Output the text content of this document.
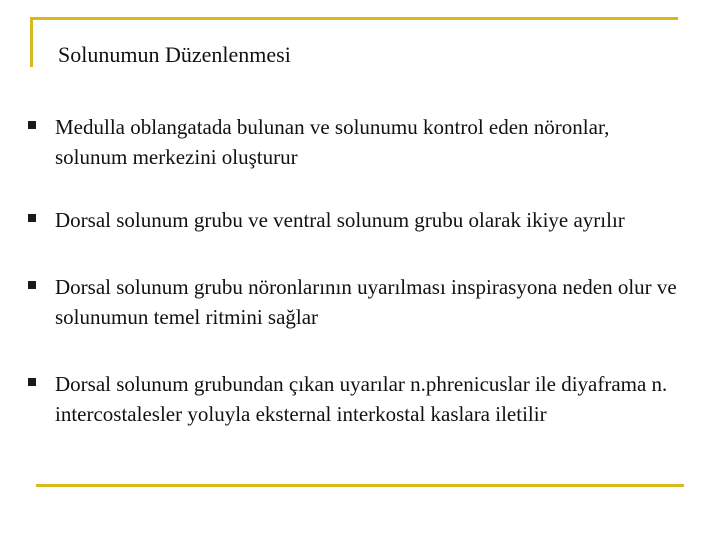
Solunumun Düzenlenmesi
Medulla oblangatada bulunan ve solunumu kontrol eden nöronlar, solunum merkezini oluşturur
Dorsal solunum grubu ve ventral solunum grubu olarak ikiye ayrılır
Dorsal solunum grubu nöronlarının uyarılması inspirasyona neden olur ve solunumun temel ritmini sağlar
Dorsal solunum grubundan çıkan uyarılar n.phrenicuslar ile diyaframa n. intercostalesler yoluyla eksternal interkostal kaslara iletilir
